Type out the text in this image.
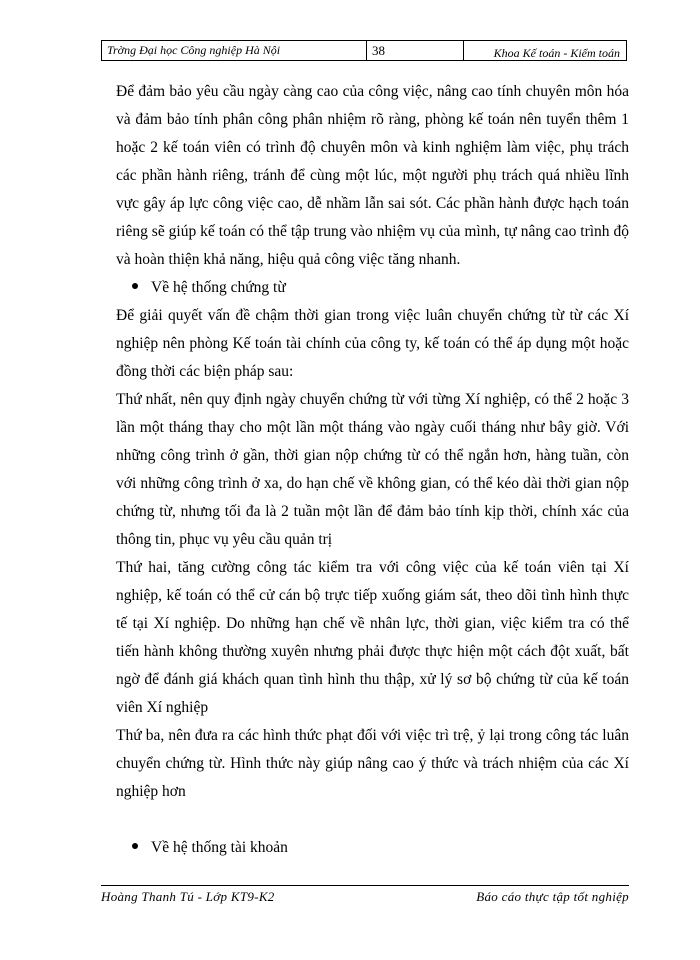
Trờng Đại học Công nghiệp Hà Nội	38	Khoa Kế toán - Kiểm toán

Để đảm bảo yêu cầu ngày càng cao của công việc, nâng cao tính chuyên môn hóa và đảm bảo tính phân công phân nhiệm rõ ràng, phòng kế toán nên tuyển thêm 1 hoặc 2 kế toán viên có trình độ chuyên môn và kinh nghiệm làm việc, phụ trách các phần hành riêng, tránh để cùng một lúc, một người phụ trách quá nhiều lĩnh vực gây áp lực công việc cao, dễ nhầm lẫn sai sót. Các phần hành được hạch toán riêng sẽ giúp kế toán có thể tập trung vào nhiệm vụ của mình, tự nâng cao trình độ và hoàn thiện khả năng, hiệu quả công việc tăng nhanh.

Về hệ thống chứng từ

Để giải quyết vấn đề chậm thời gian trong việc luân chuyển chứng từ từ các Xí nghiệp nên phòng Kế toán tài chính của công ty, kế toán có thể áp dụng một hoặc đồng thời các biện pháp sau:

Thứ nhất, nên quy định ngày chuyển chứng từ với từng Xí nghiệp, có thể 2 hoặc 3 lần một tháng thay cho một lần một tháng vào ngày cuối tháng như bây giờ. Với những công trình ở gần, thời gian nộp chứng từ có thể ngắn hơn, hàng tuần, còn với những công trình ở xa, do hạn chế về không gian, có thể kéo dài thời gian nộp chứng từ, nhưng tối đa là 2 tuần một lần để đảm bảo tính kịp thời, chính xác của thông tin, phục vụ yêu cầu quản trị

Thứ hai, tăng cường công tác kiểm tra với công việc của kế toán viên tại Xí nghiệp, kế toán có thể cử cán bộ trực tiếp xuống giám sát, theo dõi tình hình thực tế tại Xí nghiệp. Do những hạn chế về nhân lực, thời gian, việc kiểm tra có thể tiến hành không thường xuyên nhưng phải được thực hiện một cách đột xuất, bất ngờ để đánh giá khách quan tình hình thu thập, xử lý sơ bộ chứng từ của kế toán viên Xí nghiệp

Thứ ba, nên đưa ra các hình thức phạt đối với việc trì trệ, ỷ lại trong công tác luân chuyển chứng từ. Hình thức này giúp nâng cao ý thức và trách nhiệm của các Xí nghiệp hơn

Về hệ thống tài khoản
Hoàng Thanh Tú - Lớp KT9-K2	Báo cáo thực tập tốt nghiệp
